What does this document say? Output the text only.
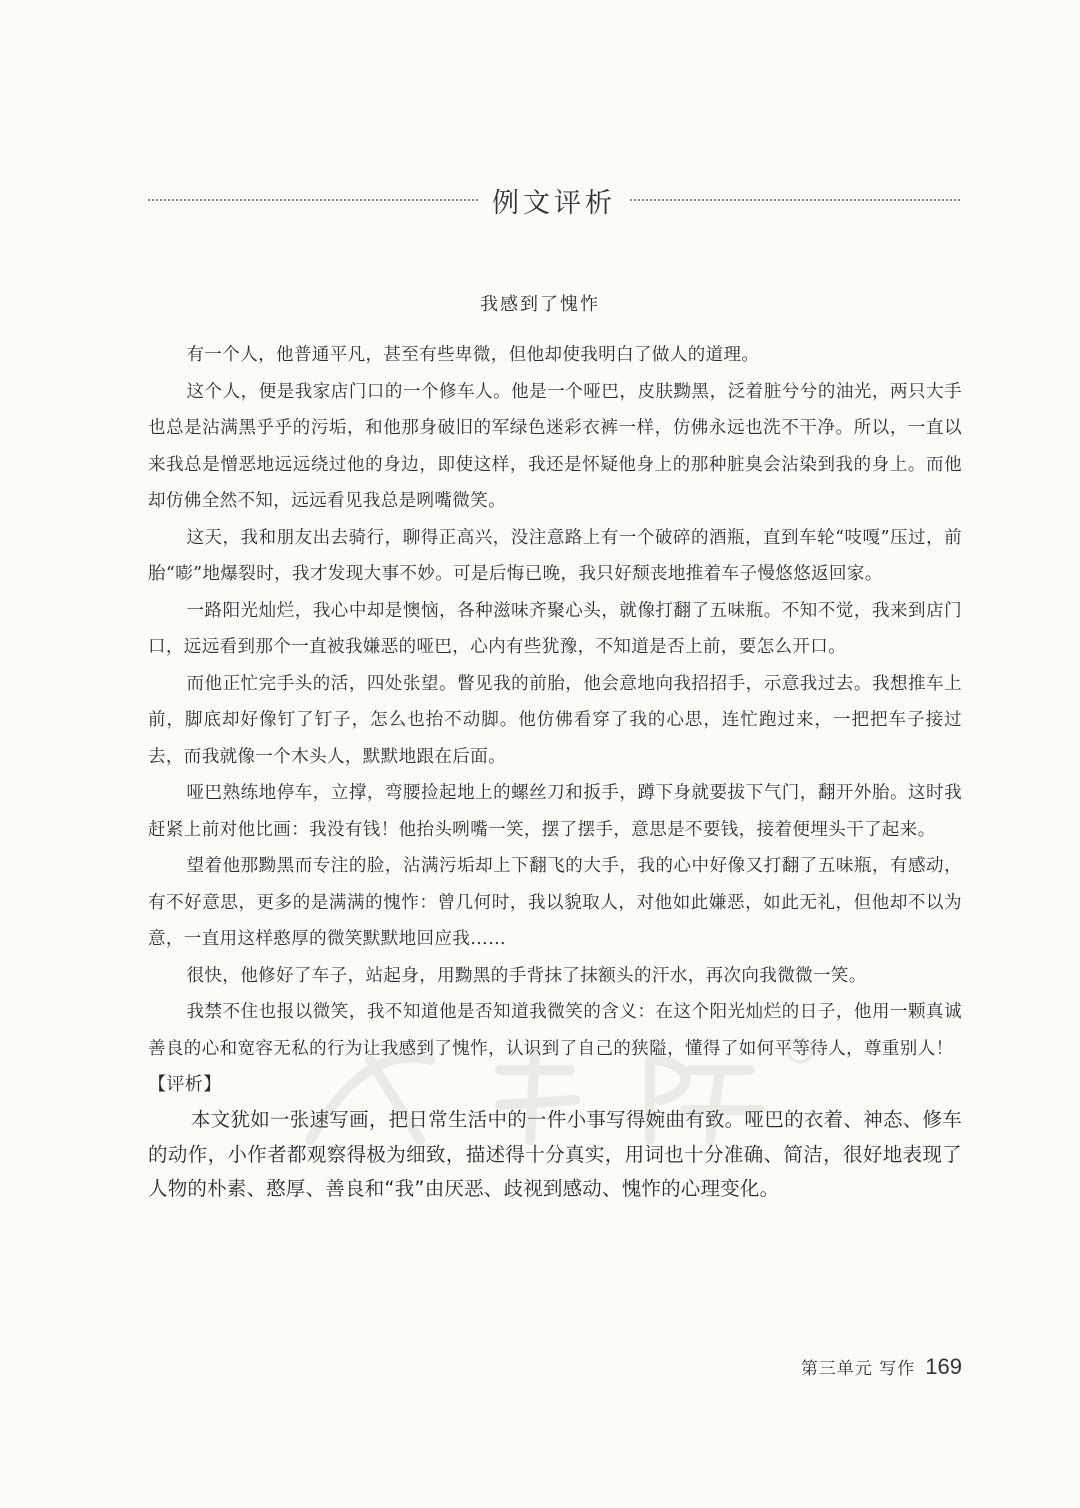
例文评析
我感到了愧怍

有一个人，他普通平凡，甚至有些卑微，但他却使我明白了做人的道理。

这个人，便是我家店门口的一个修车人。他是一个哑巴，皮肤黝黑，泛着脏兮兮的油光，两只大手也总是沾满黑乎乎的污垢，和他那身破旧的军绿色迷彩衣裤一样，仿佛永远也洗不干净。所以，一直以来我总是憎恶地远远绕过他的身边，即使这样，我还是怀疑他身上的那种脏臭会沾染到我的身上。而他却仿佛全然不知，远远看见我总是咧嘴微笑。

这天，我和朋友出去骑行，聊得正高兴，没注意路上有一个破碎的酒瓶，直到车轮“吱嘎”压过，前胎“嘭”地爆裂时，我才发现大事不妙。可是后悔已晚，我只好颓丧地推着车子慢悠悠返回家。

一路阳光灿烂，我心中却是懊恼，各种滋味齐聚心头，就像打翻了五味瓶。不知不觉，我来到店门口，远远看到那个一直被我嫌恶的哑巴，心内有些犹豫，不知道是否上前，要怎么开口。

而他正忙完手头的活，四处张望。瞥见我的前胎，他会意地向我招招手，示意我过去。我想推车上前，脚底却好像钉了钉子，怎么也抬不动脚。他仿佛看穿了我的心思，连忙跑过来，一把把车子接过去，而我就像一个木头人，默默地跟在后面。

哑巴熟练地停车，立撑，弯腰捡起地上的螺丝刀和扳手，蹲下身就要拔下气门，翻开外胎。这时我赶紧上前对他比画：我没有钱！他抬头咧嘴一笑，摆了摆手，意思是不要钱，接着便埋头干了起来。

望着他那黝黑而专注的脸，沾满污垢却上下翻飞的大手，我的心中好像又打翻了五味瓶，有感动，有不好意思，更多的是满满的愧怍：曾几何时，我以貌取人，对他如此嫌恶，如此无礼，但他却不以为意，一直用这样憨厚的微笑默默地回应我……

很快，他修好了车子，站起身，用黝黑的手背抹了抹额头的汗水，再次向我微微一笑。

我禁不住也报以微笑，我不知道他是否知道我微笑的含义：在这个阳光灿烂的日子，他用一颗真诚善良的心和宽容无私的行为让我感到了愧怍，认识到了自己的狭隘，懂得了如何平等待人，尊重别人！

【评析】

本文犹如一张速写画，把日常生活中的一件小事写得婉曲有致。哑巴的衣着、神态、修车的动作，小作者都观察得极为细致，描述得十分真实，用词也十分准确、简洁，很好地表现了人物的朴素、憨厚、善良和“我”由厌恶、歧视到感动、愧怍的心理变化。

第三单元 写作 169
